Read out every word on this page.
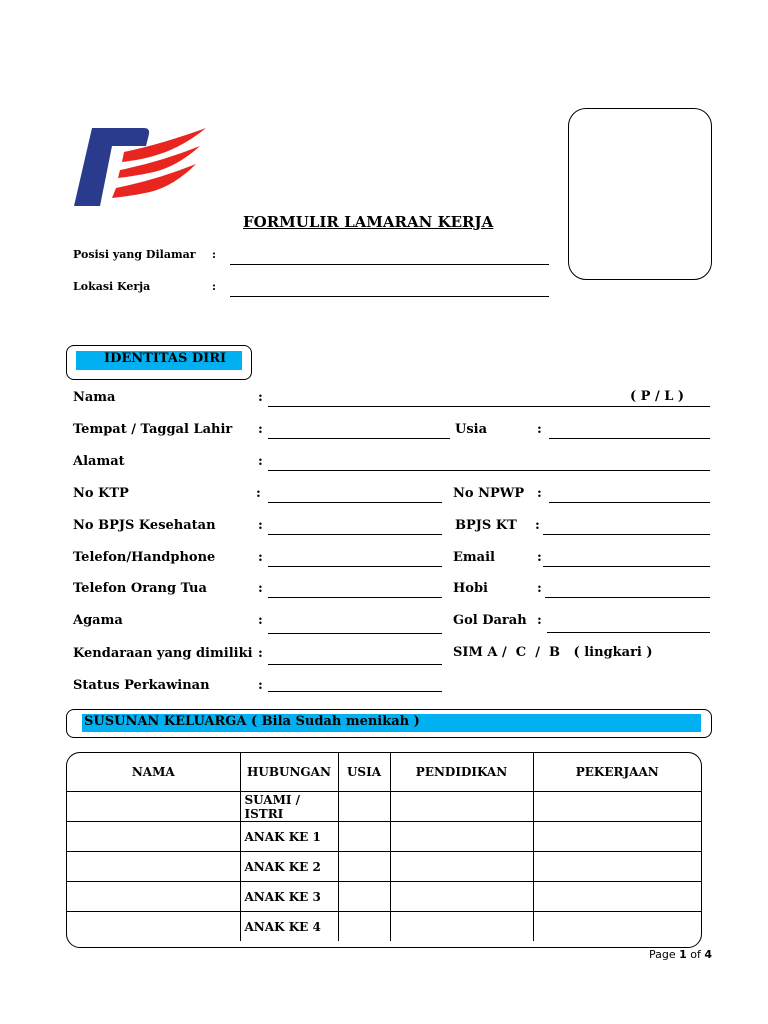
FORMULIR LAMARAN KERJA
Posisi yang Dilamar :
Lokasi Kerja	:
IDENTITAS DIRI
Nama	:	( P / L )
Tempat / Taggal Lahir :	Usia	:
Alamat	:
No KTP	:	No NPWP :
No BPJS Kesehatan	:	BPJS KT :
Telefon/Handphone	:	Email	:
Telefon Orang Tua	:	Hobi	:
Agama	:	Gol Darah :
Kendaraan yang dimiliki :	SIM A /  C  /  B   ( lingkari )
Status Perkawinan	:
SUSUNAN KELUARGA ( Bila Sudah menikah )
NAMA	HUBUNGAN	USIA	PENDIDIKAN	PEKERJAAN
	SUAMI / ISTRI			
	ANAK KE 1			
	ANAK KE 2			
	ANAK KE 3			
	ANAK KE 4			
Page 1 of 4
